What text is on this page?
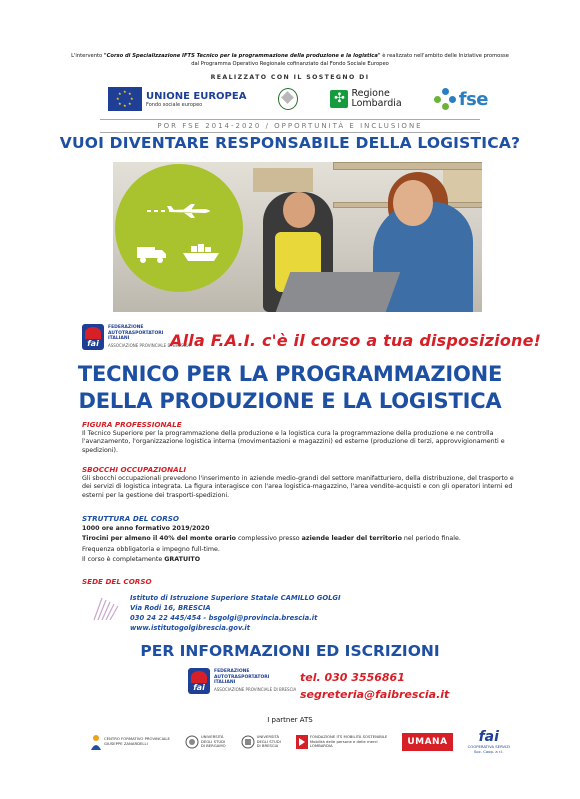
L'intervento "Corso di Specializzazione IFTS Tecnico per la programmazione della produzione e la logistica" è realizzato nell'ambito delle Iniziative promosse dal Programma Operativo Regionale cofinanziato dal Fondo Sociale Europeo
REALIZZATO CON IL SOSTEGNO DI
★ ★
★
★
★
★
★
★ UNIONE EUROPEA
Fondo sociale europeo	✣ Regione
Lombardia	fse
POR FSE 2014-2020 / OPPORTUNITÀ E INCLUSIONE
VUOI DIVENTARE RESPONSABILE DELLA LOGISTICA?
fai
FEDERAZIONE
AUTOTRASPORTATORI
ITALIANI
ASSOCIAZIONE PROVINCIALE DI BRESCIA
Alla F.A.I. c'è il corso a tua disposizione!
TECNICO PER LA PROGRAMMAZIONE
DELLA PRODUZIONE E LA LOGISTICA
FIGURA PROFESSIONALE
Il Tecnico Superiore per la programmazione della produzione e la logistica cura la programmazione della produzione e ne controlla l'avanzamento, l'organizzazione logistica interna (movimentazioni e magazzini) ed esterne (produzione di terzi, approvvigionamenti e spedizioni).
SBOCCHI OCCUPAZIONALI
Gli sbocchi occupazionali prevedono l'inserimento in aziende medio-grandi del settore manifatturiero, della distribuzione, del trasporto e dei servizi di logistica integrata. La figura interagisce con l'area logistica-magazzino, l'area vendite-acquisti e con gli operatori interni ed esterni per la gestione dei trasporti-spedizioni.
STRUTTURA DEL CORSO
1000 ore anno formativo 2019/2020
Tirocini per almeno il 40% del monte orario complessivo presso aziende leader del territorio nel periodo finale.
Frequenza obbligatoria e impegno full-time.
Il corso è completamente GRATUITO
SEDE DEL CORSO
Istituto di Istruzione Superiore Statale CAMILLO GOLGI
Via Rodi 16, BRESCIA
030 24 22 445/454 - bsgolgi@provincia.brescia.it
www.istitutogolgibrescia.gov.it
PER INFORMAZIONI ED ISCRIZIONI
fai
FEDERAZIONE
AUTOTRASPORTATORI
ITALIANI
ASSOCIAZIONE PROVINCIALE DI BRESCIA
tel. 030 3556861
segreteria@faibrescia.it
I partner ATS
CENTRO FORMATIVO PROVINCIALE
GIUSEPPE ZANARDELLI
UNIVERSITÀ
DEGLI STUDI
DI BERGAMO
UNIVERSITÀ
DEGLI STUDI
DI BRESCIA
FONDAZIONE ITS MOBILITÀ SOSTENIBILE
Mobilità delle persone e delle merci
LOMBARDIA	UMANA	fai
COOPERATIVA SERVIZI
Soc. Coop. a r.l.
